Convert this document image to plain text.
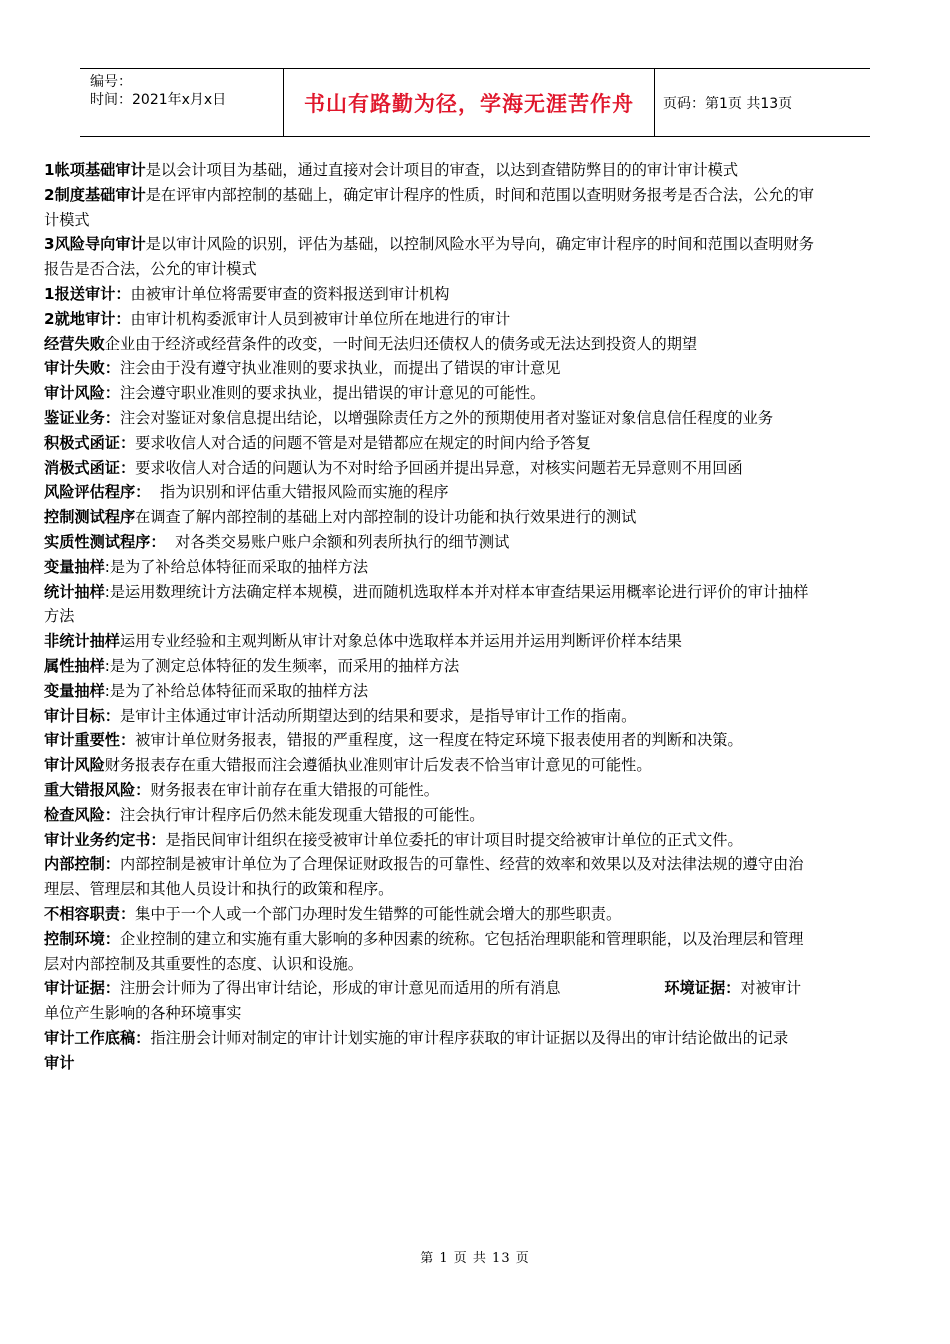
编号：
时间：2021年x月x日	书山有路勤为径，学海无涯苦作舟	页码：第1页 共13页

1帐项基础审计是以会计项目为基础，通过直接对会计项目的审查，以达到查错防弊目的的审计审计模式

2制度基础审计是在评审内部控制的基础上，确定审计程序的性质，时间和范围以查明财务报考是否合法，公允的审计模式

3风险导向审计是以审计风险的识别，评估为基础，以控制风险水平为导向，确定审计程序的时间和范围以查明财务报告是否合法，公允的审计模式

1报送审计：由被审计单位将需要审查的资料报送到审计机构

2就地审计：由审计机构委派审计人员到被审计单位所在地进行的审计

经营失败企业由于经济或经营条件的改变，一时间无法归还债权人的债务或无法达到投资人的期望

审计失败：注会由于没有遵守执业准则的要求执业，而提出了错误的审计意见

审计风险：注会遵守职业准则的要求执业，提出错误的审计意见的可能性。

鉴证业务：注会对鉴证对象信息提出结论，以增强除责任方之外的预期使用者对鉴证对象信息信任程度的业务

积极式函证：要求收信人对合适的问题不管是对是错都应在规定的时间内给予答复

消极式函证：要求收信人对合适的问题认为不对时给予回函并提出异意，对核实问题若无异意则不用回函

风险评估程序：  指为识别和评估重大错报风险而实施的程序

控制测试程序在调查了解内部控制的基础上对内部控制的设计功能和执行效果进行的测试

实质性测试程序：  对各类交易账户账户余额和列表所执行的细节测试

变量抽样:是为了补给总体特征而采取的抽样方法

统计抽样:是运用数理统计方法确定样本规模，进而随机选取样本并对样本审查结果运用概率论进行评价的审计抽样方法

非统计抽样运用专业经验和主观判断从审计对象总体中选取样本并运用并运用判断评价样本结果

属性抽样:是为了测定总体特征的发生频率，而采用的抽样方法

变量抽样:是为了补给总体特征而采取的抽样方法

审计目标：是审计主体通过审计活动所期望达到的结果和要求，是指导审计工作的指南。

审计重要性：被审计单位财务报表，错报的严重程度，这一程度在特定环境下报表使用者的判断和决策。

审计风险财务报表存在重大错报而注会遵循执业准则审计后发表不恰当审计意见的可能性。

重大错报风险：财务报表在审计前存在重大错报的可能性。

检查风险：注会执行审计程序后仍然未能发现重大错报的可能性。

审计业务约定书：是指民间审计组织在接受被审计单位委托的审计项目时提交给被审计单位的正式文件。

内部控制：内部控制是被审计单位为了合理保证财政报告的可靠性、经营的效率和效果以及对法律法规的遵守由治理层、管理层和其他人员设计和执行的政策和程序。

不相容职责：集中于一个人或一个部门办理时发生错弊的可能性就会增大的那些职责。

控制环境：企业控制的建立和实施有重大影响的多种因素的统称。它包括治理职能和管理职能，以及治理层和管理层对内部控制及其重要性的态度、认识和设施。

审计证据：注册会计师为了得出审计结论，形成的审计意见而适用的所有消息	环境证据：对被审计单位产生影响的各种环境事实

审计工作底稿：指注册会计师对制定的审计计划实施的审计程序获取的审计证据以及得出的审计结论做出的记录

审计

第 1 页 共 13 页
